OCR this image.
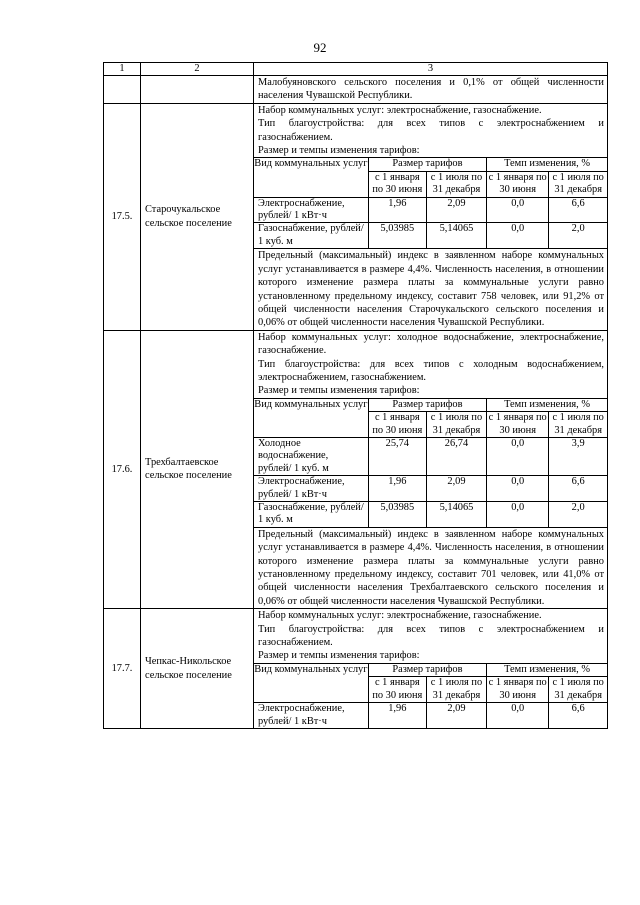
92
1	2	3
		Малобуяновского сельского поселения и 0,1% от общей численности населения Чувашской Республики.
17.5.	Старочукальское сельское поселение	
Набор коммунальных услуг: электроснабжение, газоснабжение.
Тип благоустройства: для всех типов с электроснабжением и газоснабжением.
Размер и темпы изменения тарифов:
Вид коммунальных услуг	Размер тарифов	Темп изменения, %
с 1 января по 30 июня	с 1 июля по 31 декабря	с 1 января по 30 июня	с 1 июля по 31 декабря
Электроснабжение, рублей/ 1 кВт·ч	1,96	2,09	0,0	6,6
Газоснабжение, рублей/ 1 куб. м	5,03985	5,14065	0,0	2,0
Предельный (максимальный) индекс в заявленном наборе коммунальных услуг устанавливается в размере 4,4%. Численность населения, в отношении которого изменение размера платы за коммунальные услуги равно установленному предельному индексу, составит 758 человек, или 91,2% от общей численности населения Старочукальского сельского поселения и 0,06% от общей численности населения Чувашской Республики.

17.6.	Трехбалтаевское сельское поселение	
Набор коммунальных услуг: холодное водоснабжение, электроснабжение, газоснабжение.
Тип благоустройства: для всех типов с холодным водоснабжением, электроснабжением, газоснабжением.
Размер и темпы изменения тарифов:
Вид коммунальных услуг	Размер тарифов	Темп изменения, %
с 1 января по 30 июня	с 1 июля по 31 декабря	с 1 января по 30 июня	с 1 июля по 31 декабря
Холодное водоснабжение, рублей/ 1 куб. м	25,74	26,74	0,0	3,9
Электроснабжение, рублей/ 1 кВт·ч	1,96	2,09	0,0	6,6
Газоснабжение, рублей/ 1 куб. м	5,03985	5,14065	0,0	2,0
Предельный (максимальный) индекс в заявленном наборе коммунальных услуг устанавливается в размере 4,4%. Численность населения, в отношении которого изменение размера платы за коммунальные услуги равно установленному предельному индексу, составит 701 человек, или 41,0% от общей численности населения Трехбалтаевского сельского поселения и 0,06% от общей численности населения Чувашской Республики.

17.7.	Чепкас-Никольское сельское поселение	
Набор коммунальных услуг: электроснабжение, газоснабжение.
Тип благоустройства: для всех типов с электроснабжением и газоснабжением.
Размер и темпы изменения тарифов:
Вид коммунальных услуг	Размер тарифов	Темп изменения, %
с 1 января по 30 июня	с 1 июля по 31 декабря	с 1 января по 30 июня	с 1 июля по 31 декабря
Электроснабжение, рублей/ 1 кВт·ч	1,96	2,09	0,0	6,6
